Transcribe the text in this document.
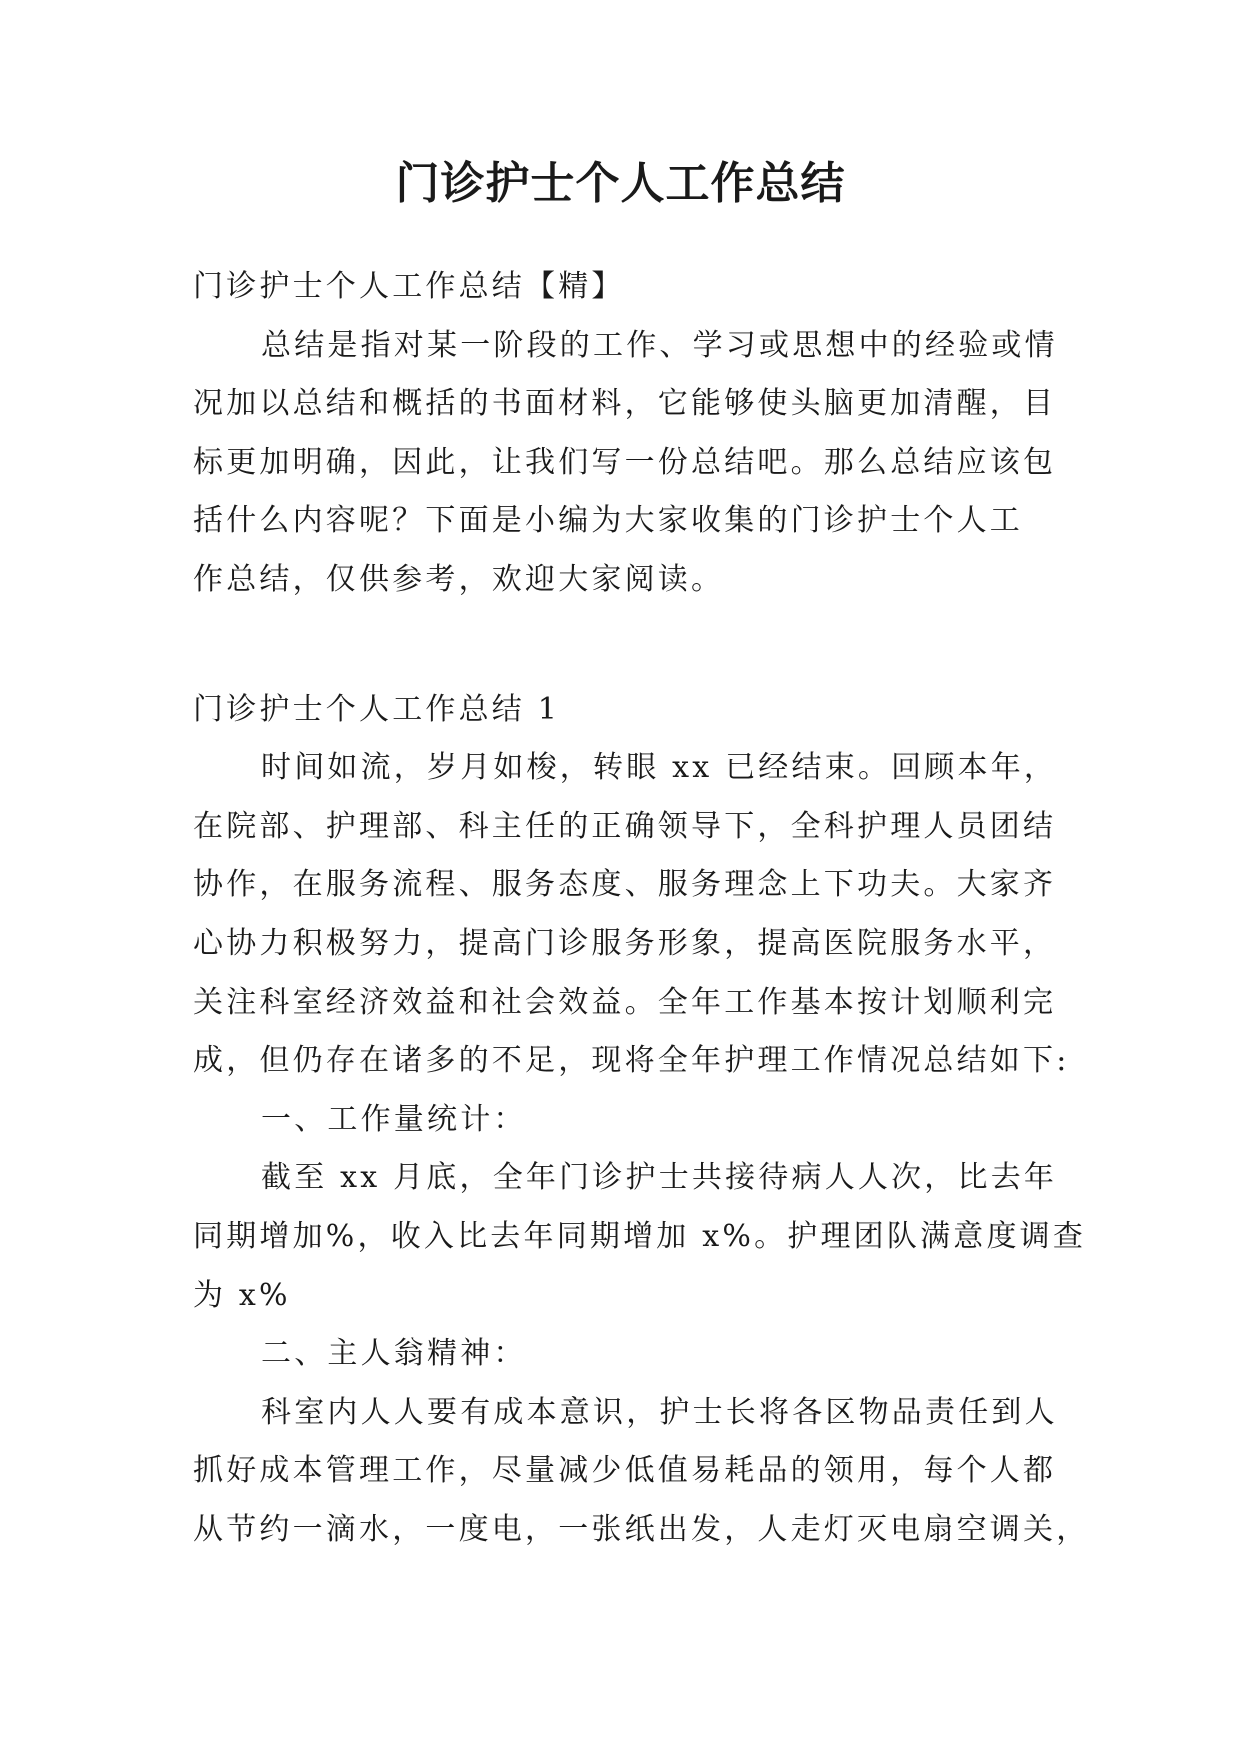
门诊护士个人工作总结
门诊护士个人工作总结【精】
总结是指对某一阶段的工作、学习或思想中的经验或情
况加以总结和概括的书面材料，它能够使头脑更加清醒，目
标更加明确，因此，让我们写一份总结吧。那么总结应该包
括什么内容呢？下面是小编为大家收集的门诊护士个人工
作总结，仅供参考，欢迎大家阅读。
门诊护士个人工作总结 1
时间如流，岁月如梭，转眼 xx 已经结束。回顾本年，
在院部、护理部、科主任的正确领导下，全科护理人员团结
协作，在服务流程、服务态度、服务理念上下功夫。大家齐
心协力积极努力，提高门诊服务形象，提高医院服务水平，
关注科室经济效益和社会效益。全年工作基本按计划顺利完
成，但仍存在诸多的不足，现将全年护理工作情况总结如下:
一、工作量统计：
截至 xx 月底，全年门诊护士共接待病人人次，比去年
同期增加%，收入比去年同期增加 x%。护理团队满意度调查
为 x%
二、主人翁精神：
科室内人人要有成本意识，护士长将各区物品责任到人
抓好成本管理工作，尽量减少低值易耗品的领用，每个人都
从节约一滴水，一度电，一张纸出发，人走灯灭电扇空调关，
